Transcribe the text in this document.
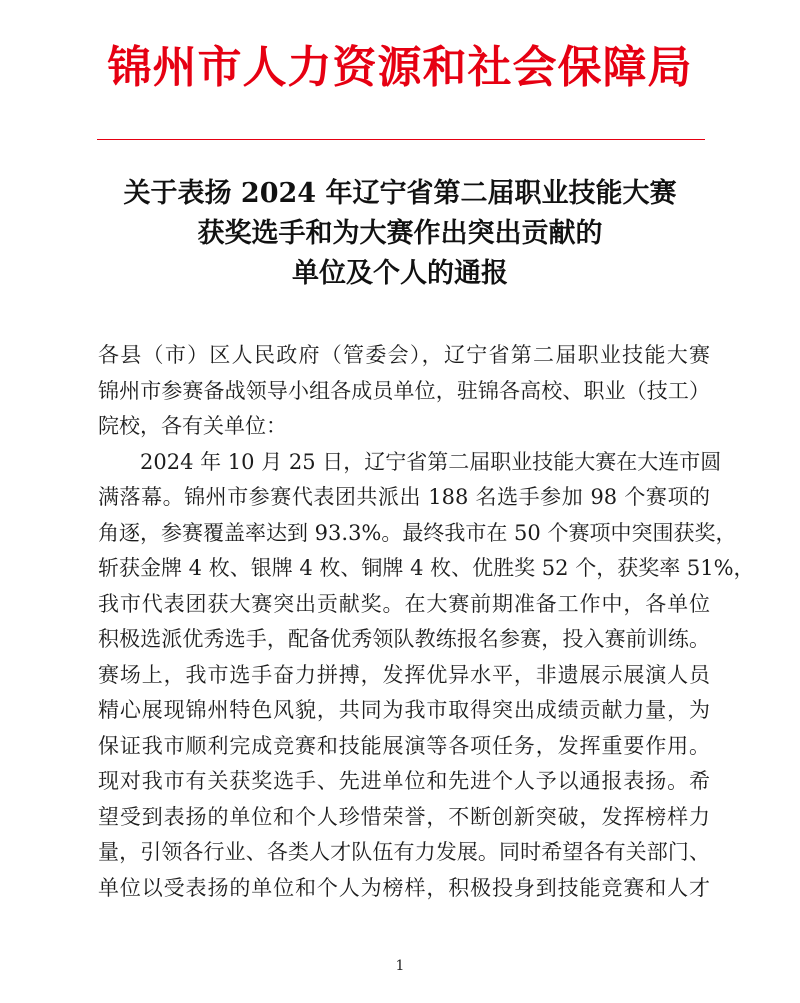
锦州市人力资源和社会保障局
关于表扬 2024 年辽宁省第二届职业技能大赛
获奖选手和为大赛作出突出贡献的
单位及个人的通报
各县（市）区人民政府（管委会），辽宁省第二届职业技能大赛
锦州市参赛备战领导小组各成员单位，驻锦各高校、职业（技工）
院校，各有关单位：
2024 年 10 月 25 日，辽宁省第二届职业技能大赛在大连市圆
满落幕。锦州市参赛代表团共派出 188 名选手参加 98 个赛项的
角逐，参赛覆盖率达到 93.3%。最终我市在 50 个赛项中突围获奖，
斩获金牌 4 枚、银牌 4 枚、铜牌 4 枚、优胜奖 52 个，获奖率 51%，
我市代表团获大赛突出贡献奖。在大赛前期准备工作中，各单位
积极选派优秀选手，配备优秀领队教练报名参赛，投入赛前训练。
赛场上，我市选手奋力拼搏，发挥优异水平，非遗展示展演人员
精心展现锦州特色风貌，共同为我市取得突出成绩贡献力量，为
保证我市顺利完成竞赛和技能展演等各项任务，发挥重要作用。
现对我市有关获奖选手、先进单位和先进个人予以通报表扬。希
望受到表扬的单位和个人珍惜荣誉，不断创新突破，发挥榜样力
量，引领各行业、各类人才队伍有力发展。同时希望各有关部门、
单位以受表扬的单位和个人为榜样，积极投身到技能竞赛和人才
1
